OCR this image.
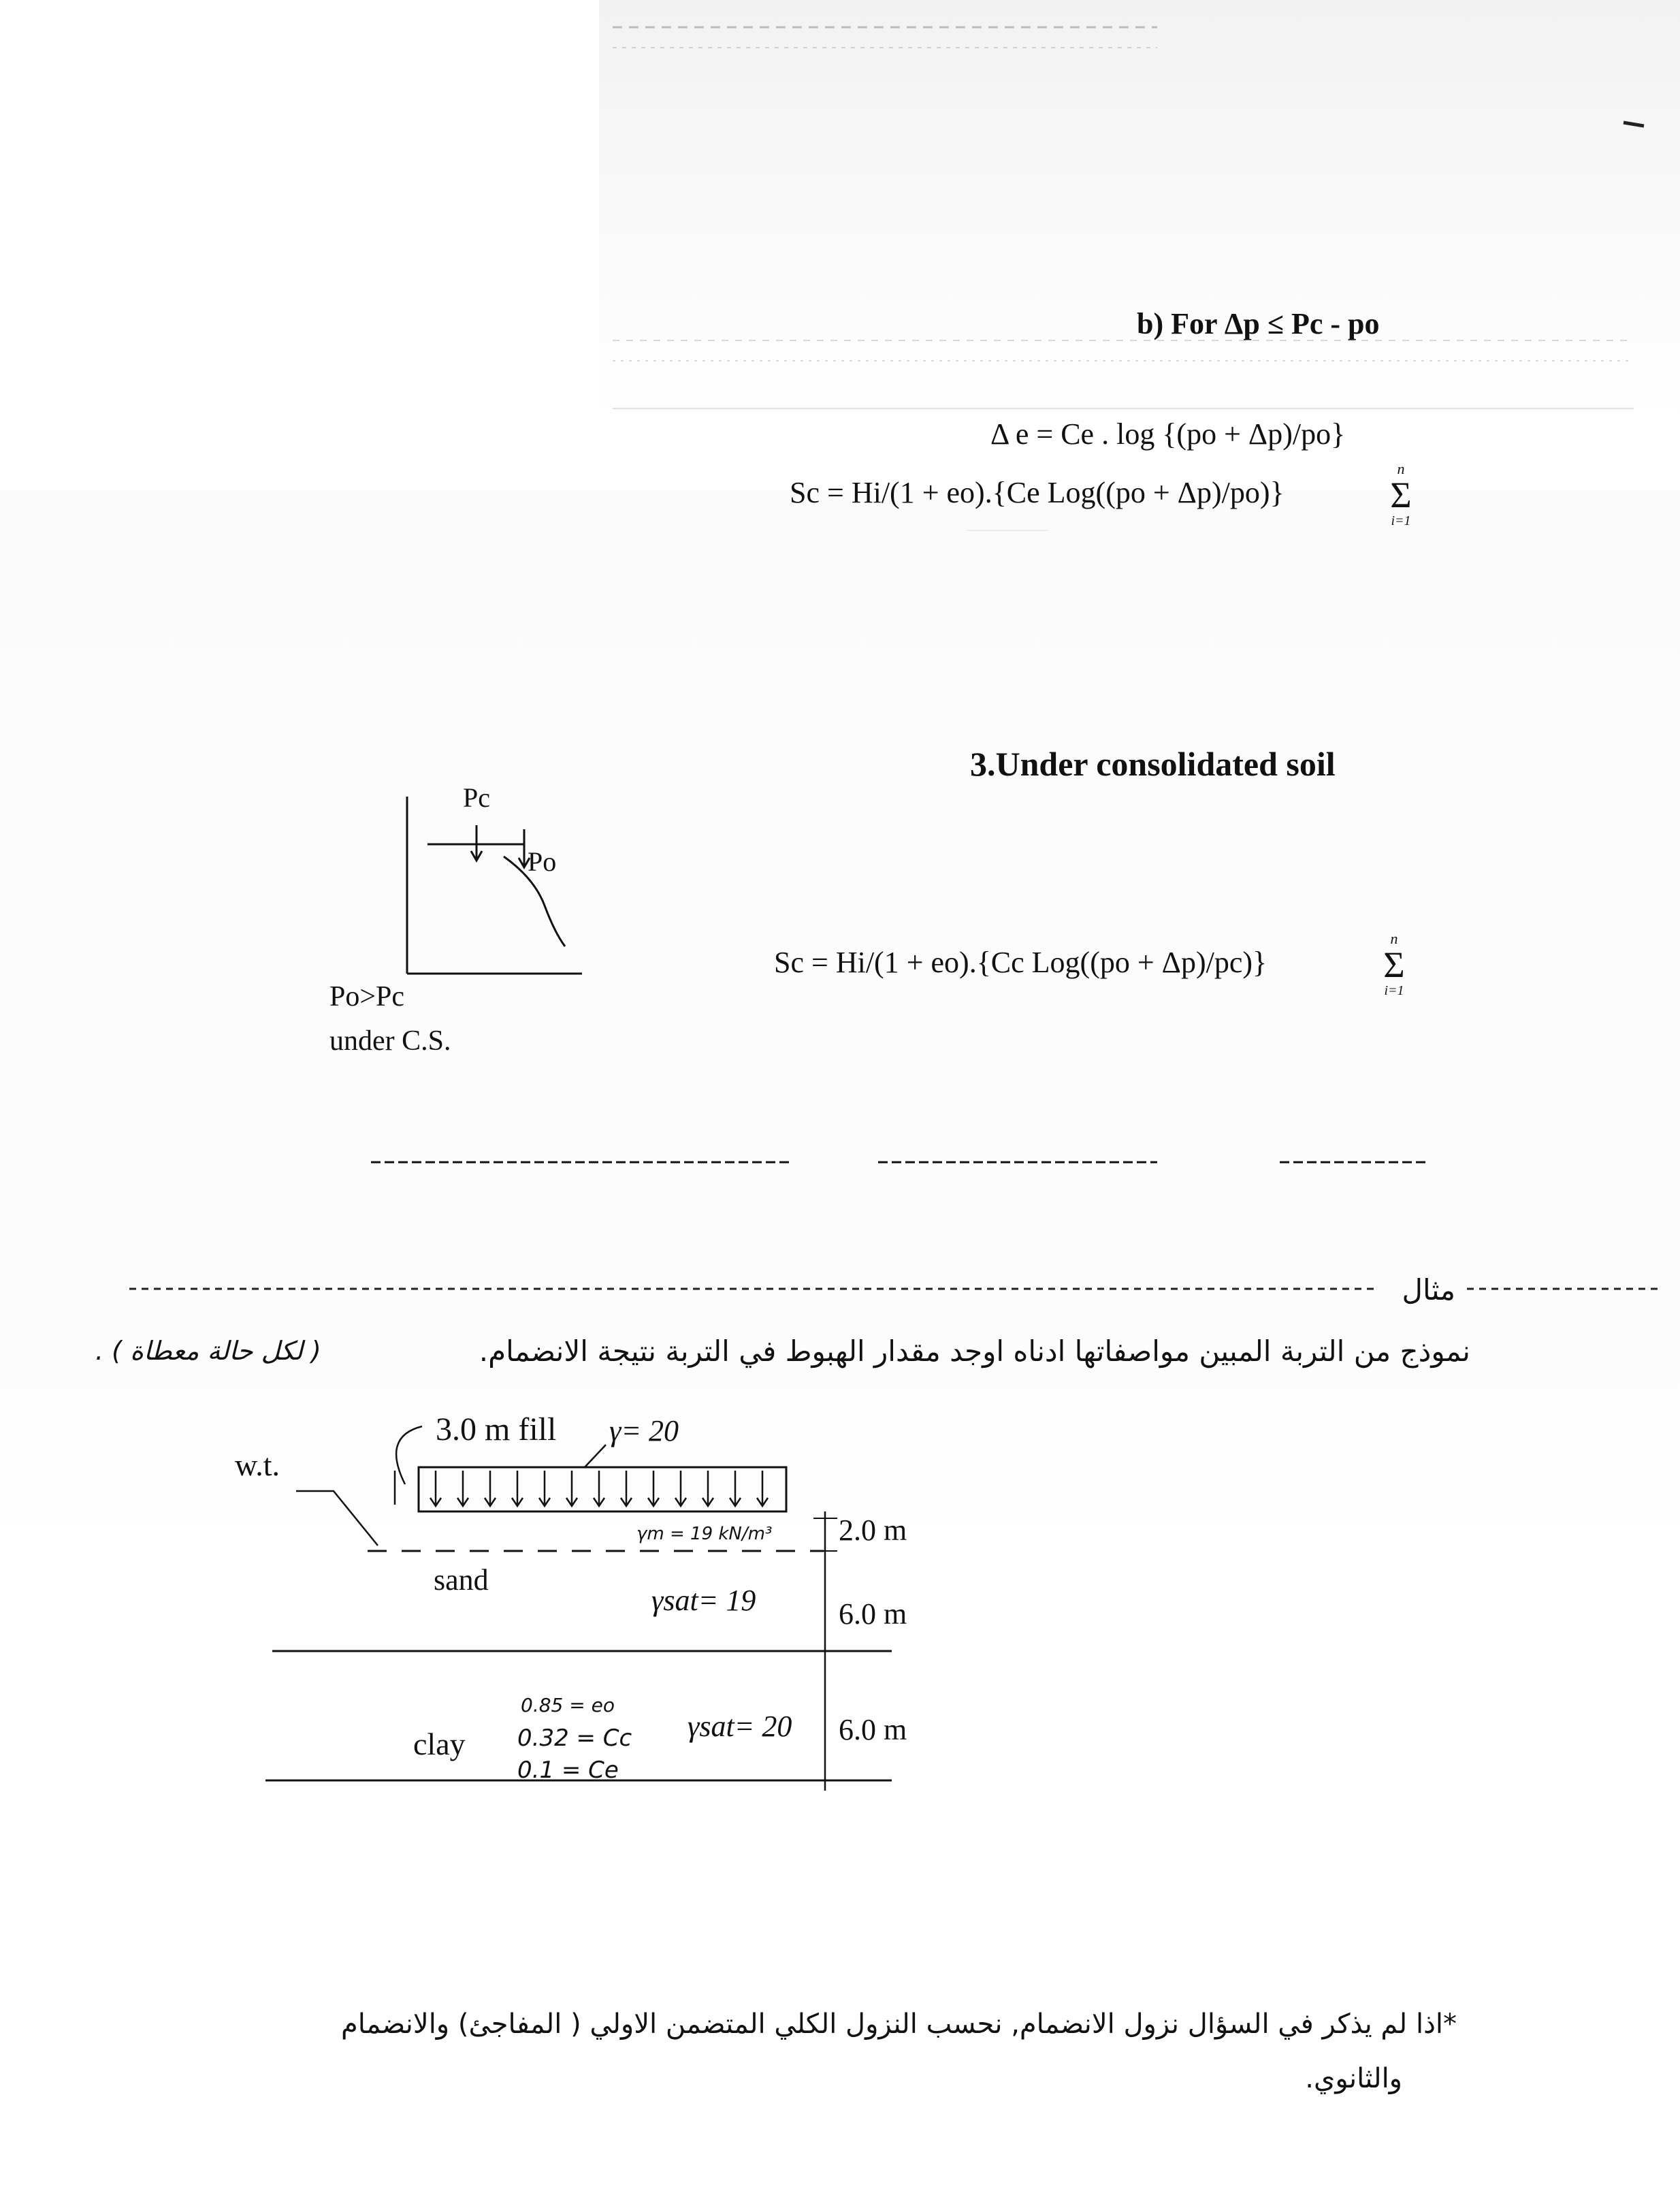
————
b) For Δp ≤ Pc - po
Δ e = Ce . log {(po + Δp)/po}
Sc = Hi/(1 + eo).{Ce Log((po + Δp)/po)}
n
Σ
i=1
3.Under consolidated soil
Pc
Po
Po>Pc
under C.S.
Sc = Hi/(1 + eo).{Cc Log((po + Δp)/pc)}
n
Σ
i=1
مثال
نموذج من التربة المبين مواصفاتها ادناه اوجد مقدار الهبوط في التربة نتيجة الانضمام.
( لكل حالة معطاة ) .
3.0 m fill γ= 20
w.t.
γm = 19 kN/m³ 2.0 m
sand
γsat= 19	6.0 m
clay
0.85 = eo
0.32 = Cc
0.1 = Ce
γsat= 20 6.0 m
*اذا لم يذكر في السؤال نزول الانضمام, نحسب النزول الكلي المتضمن الاولي ( المفاجئ) والانضمام
والثانوي.
